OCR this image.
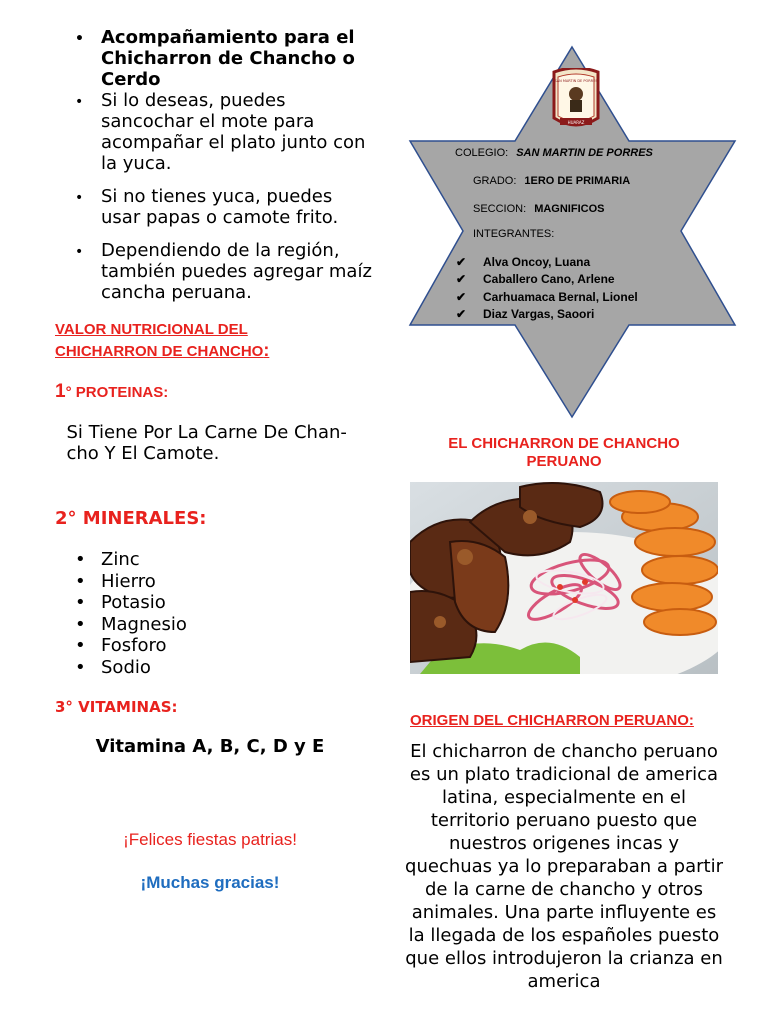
• Acompañamiento para el Chicharron de Chancho o Cerdo
• Si lo deseas, puedes sancochar el mote para acompañar el plato junto con la yuca.
• Si no tienes yuca, puedes usar papas o camote frito.
• Dependiendo de la región, también puedes agregar maíz cancha peruana.
VALOR NUTRICIONAL DEL
CHICHARRON DE CHANCHO:
1° PROTEINAS:
Si Tiene Por La Carne De Chan-
cho Y El Camote.
2° MINERALES:
• Zinc
• Hierro
• Potasio
• Magnesio
• Fosforo
• Sodio
3° VITAMINAS:
Vitamina A, B, C, D y E
¡Felices fiestas patrias!
¡Muchas gracias!
HUARAZ
SAN MARTIN DE PORRES
COLEGIO: SAN MARTIN DE PORRES
GRADO: 1ERO DE PRIMARIA
SECCION: MAGNIFICOS
INTEGRANTES:
✔ Alva Oncoy, Luana
✔ Caballero Cano, Arlene
✔ Carhuamaca Bernal, Lionel
✔ Diaz Vargas, Saoori
EL CHICHARRON DE CHANCHO PERUANO
ORIGEN DEL CHICHARRON PERUANO:
El chicharron de chancho peruano es un plato tradicional de america latina, especialmente en el territorio peruano puesto que nuestros origenes incas y quechuas ya lo preparaban a partir de la carne de chancho y otros animales. Una parte influyente es la llegada de los españoles puesto que ellos introdujeron la crianza en america
